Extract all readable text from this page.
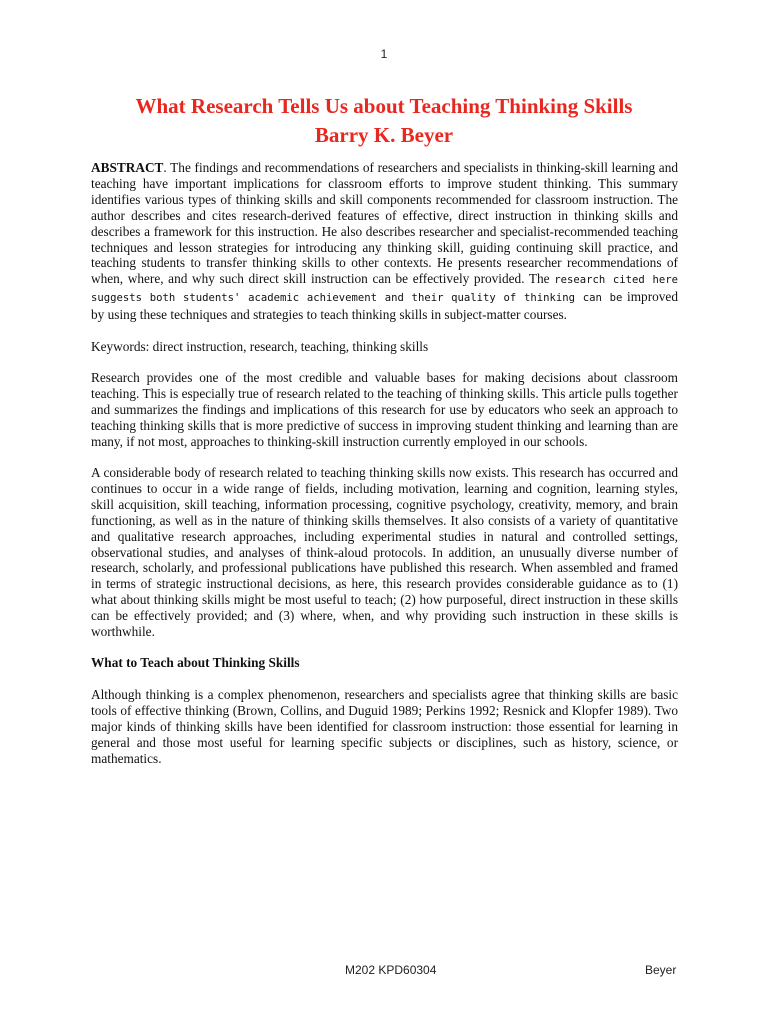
1
What Research Tells Us about Teaching Thinking Skills
Barry K. Beyer

ABSTRACT. The findings and recommendations of researchers and specialists in thinking-skill learning and teaching have important implications for classroom efforts to improve student thinking. This summary identifies various types of thinking skills and skill components recommended for classroom instruction. The author describes and cites research-derived features of effective, direct instruction in thinking skills and describes a framework for this instruction. He also describes researcher and specialist-recommended teaching techniques and lesson strategies for introducing any thinking skill, guiding continuing skill practice, and teaching students to transfer thinking skills to other contexts. He presents researcher recommendations of when, where, and why such direct skill instruction can be effectively provided. The research cited here suggests both students' academic achievement and their quality of thinking can be improved by using these techniques and strategies to teach thinking skills in subject-matter courses.

Keywords: direct instruction, research, teaching, thinking skills

Research provides one of the most credible and valuable bases for making decisions about classroom teaching. This is especially true of research related to the teaching of thinking skills. This article pulls together and summarizes the findings and implications of this research for use by educators who seek an approach to teaching thinking skills that is more predictive of success in improving student thinking and learning than are many, if not most, approaches to thinking-skill instruction currently employed in our schools.

A considerable body of research related to teaching thinking skills now exists. This research has occurred and continues to occur in a wide range of fields, including motivation, learning and cognition, learning styles, skill acquisition, skill teaching, information processing, cognitive psychology, creativity, memory, and brain functioning, as well as in the nature of thinking skills themselves. It also consists of a variety of quantitative and qualitative research approaches, including experimental studies in natural and controlled settings, observational studies, and analyses of think-aloud protocols. In addition, an unusually diverse number of research, scholarly, and professional publications have published this research. When assembled and framed in terms of strategic instructional decisions, as here, this research provides considerable guidance as to (1) what about thinking skills might be most useful to teach; (2) how purposeful, direct instruction in these skills can be effectively provided; and (3) where, when, and why providing such instruction in these skills is worthwhile.

What to Teach about Thinking Skills

Although thinking is a complex phenomenon, researchers and specialists agree that thinking skills are basic tools of effective thinking (Brown, Collins, and Duguid 1989; Perkins 1992; Resnick and Klopfer 1989). Two major kinds of thinking skills have been identified for classroom instruction: those essential for learning in general and those most useful for learning specific subjects or disciplines, such as history, science, or mathematics.

M202 KPD60304	Beyer
